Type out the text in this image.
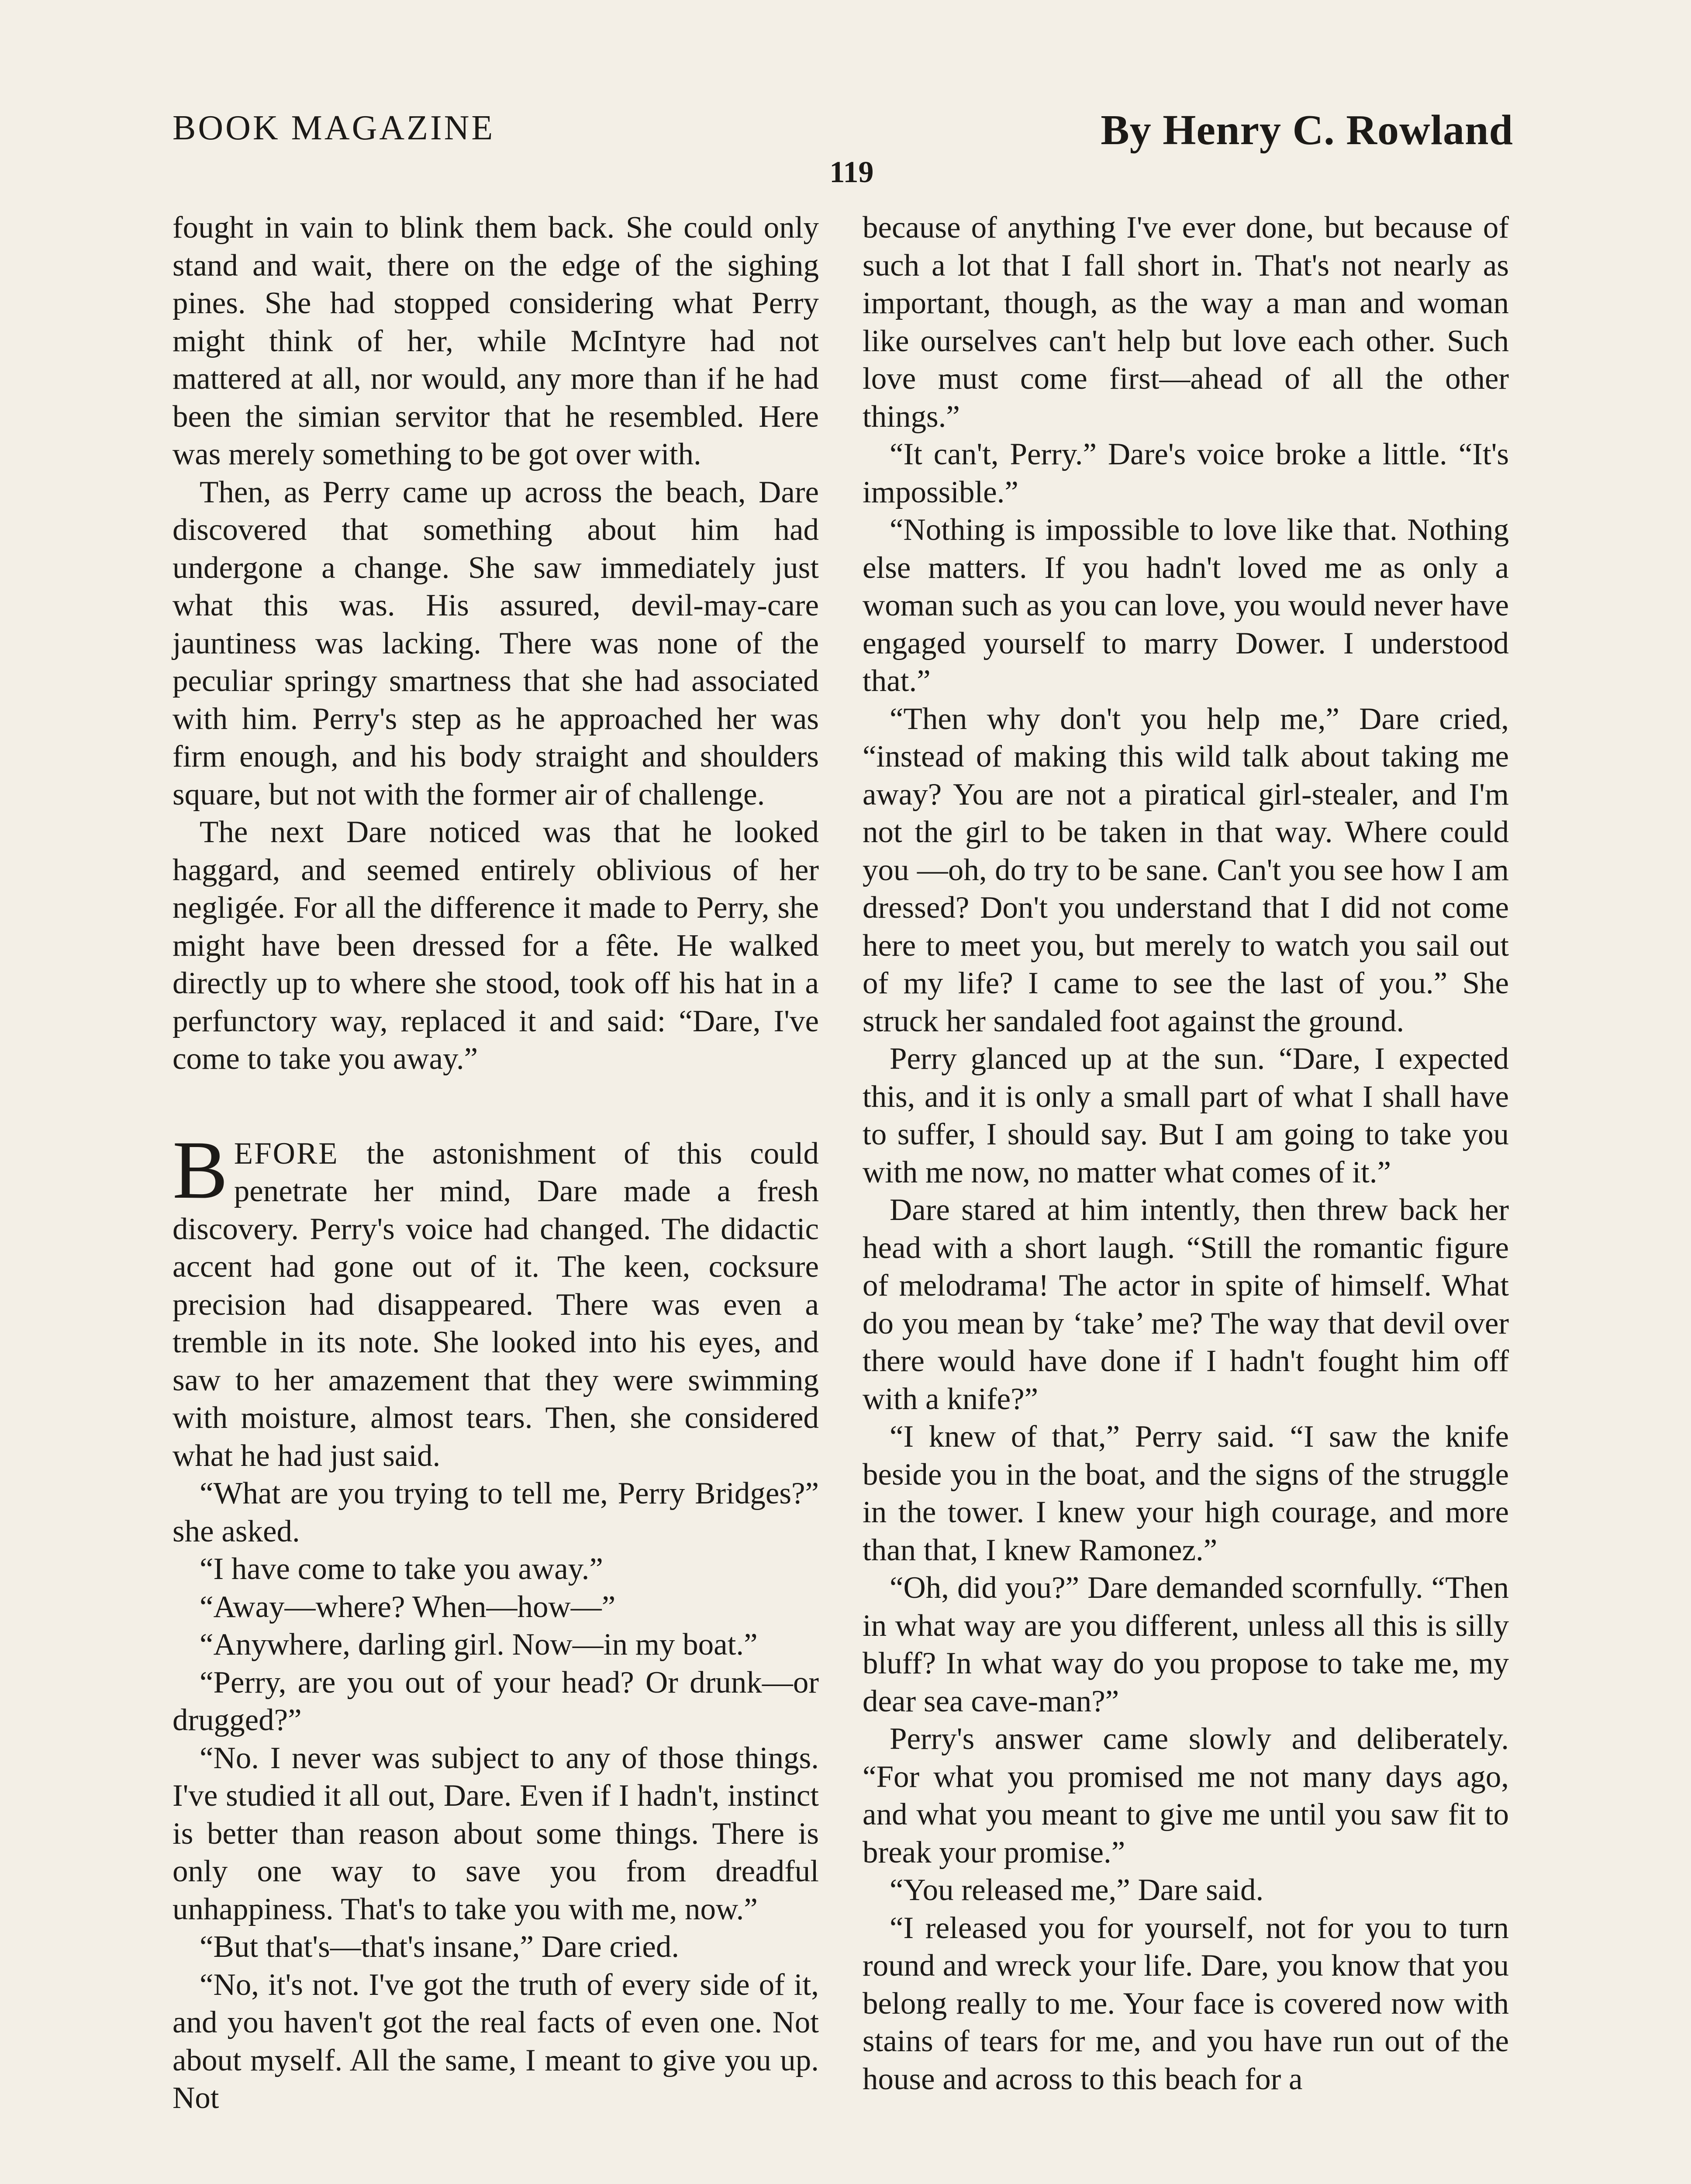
BOOK MAGAZINE	By Henry C. Rowland
119

fought in vain to blink them back. She could only stand and wait, there on the edge of the sighing pines. She had stopped considering what Perry might think of her, while McIntyre had not mattered at all, nor would, any more than if he had been the simian servitor that he resembled. Here was merely something to be got over with.

Then, as Perry came up across the beach, Dare discovered that something about him had undergone a change. She saw immediately just what this was. His assured, devil-may-care jauntiness was lacking. There was none of the peculiar springy smartness that she had associated with him. Perry's step as he approached her was firm enough, and his body straight and shoulders square, but not with the former air of challenge.

The next Dare noticed was that he looked haggard, and seemed entirely oblivious of her negligée. For all the difference it made to Perry, she might have been dressed for a fête. He walked directly up to where she stood, took off his hat in a perfunctory way, replaced it and said: “Dare, I've come to take you away.”

BEFORE the astonishment of this could penetrate her mind, Dare made a fresh discovery. Perry's voice had changed. The didactic accent had gone out of it. The keen, cocksure precision had disappeared. There was even a tremble in its note. She looked into his eyes, and saw to her amazement that they were swimming with moisture, almost tears. Then, she considered what he had just said.

“What are you trying to tell me, Perry Bridges?” she asked.

“I have come to take you away.”

“Away—where? When—how—”

“Anywhere, darling girl. Now—in my boat.”

“Perry, are you out of your head? Or drunk—or drugged?”

“No. I never was subject to any of those things. I've studied it all out, Dare. Even if I hadn't, instinct is better than reason about some things. There is only one way to save you from dreadful unhappiness. That's to take you with me, now.”

“But that's—that's insane,” Dare cried.

“No, it's not. I've got the truth of every side of it, and you haven't got the real facts of even one. Not about myself. All the same, I meant to give you up. Not

because of anything I've ever done, but because of such a lot that I fall short in. That's not nearly as important, though, as the way a man and woman like ourselves can't help but love each other. Such love must come first—ahead of all the other things.”

“It can't, Perry.” Dare's voice broke a little. “It's impossible.”

“Nothing is impossible to love like that. Nothing else matters. If you hadn't loved me as only a woman such as you can love, you would never have engaged yourself to marry Dower. I understood that.”

“Then why don't you help me,” Dare cried, “instead of making this wild talk about taking me away? You are not a piratical girl-stealer, and I'm not the girl to be taken in that way. Where could you —oh, do try to be sane. Can't you see how I am dressed? Don't you understand that I did not come here to meet you, but merely to watch you sail out of my life? I came to see the last of you.” She struck her sandaled foot against the ground.

Perry glanced up at the sun. “Dare, I expected this, and it is only a small part of what I shall have to suffer, I should say. But I am going to take you with me now, no matter what comes of it.”

Dare stared at him intently, then threw back her head with a short laugh. “Still the romantic figure of melodrama! The actor in spite of himself. What do you mean by ‘take’ me? The way that devil over there would have done if I hadn't fought him off with a knife?”

“I knew of that,” Perry said. “I saw the knife beside you in the boat, and the signs of the struggle in the tower. I knew your high courage, and more than that, I knew Ramonez.”

“Oh, did you?” Dare demanded scornfully. “Then in what way are you different, unless all this is silly bluff? In what way do you propose to take me, my dear sea cave-man?”

Perry's answer came slowly and deliberately. “For what you promised me not many days ago, and what you meant to give me until you saw fit to break your promise.”

“You released me,” Dare said.

“I released you for yourself, not for you to turn round and wreck your life. Dare, you know that you belong really to me. Your face is covered now with stains of tears for me, and you have run out of the house and across to this beach for a
